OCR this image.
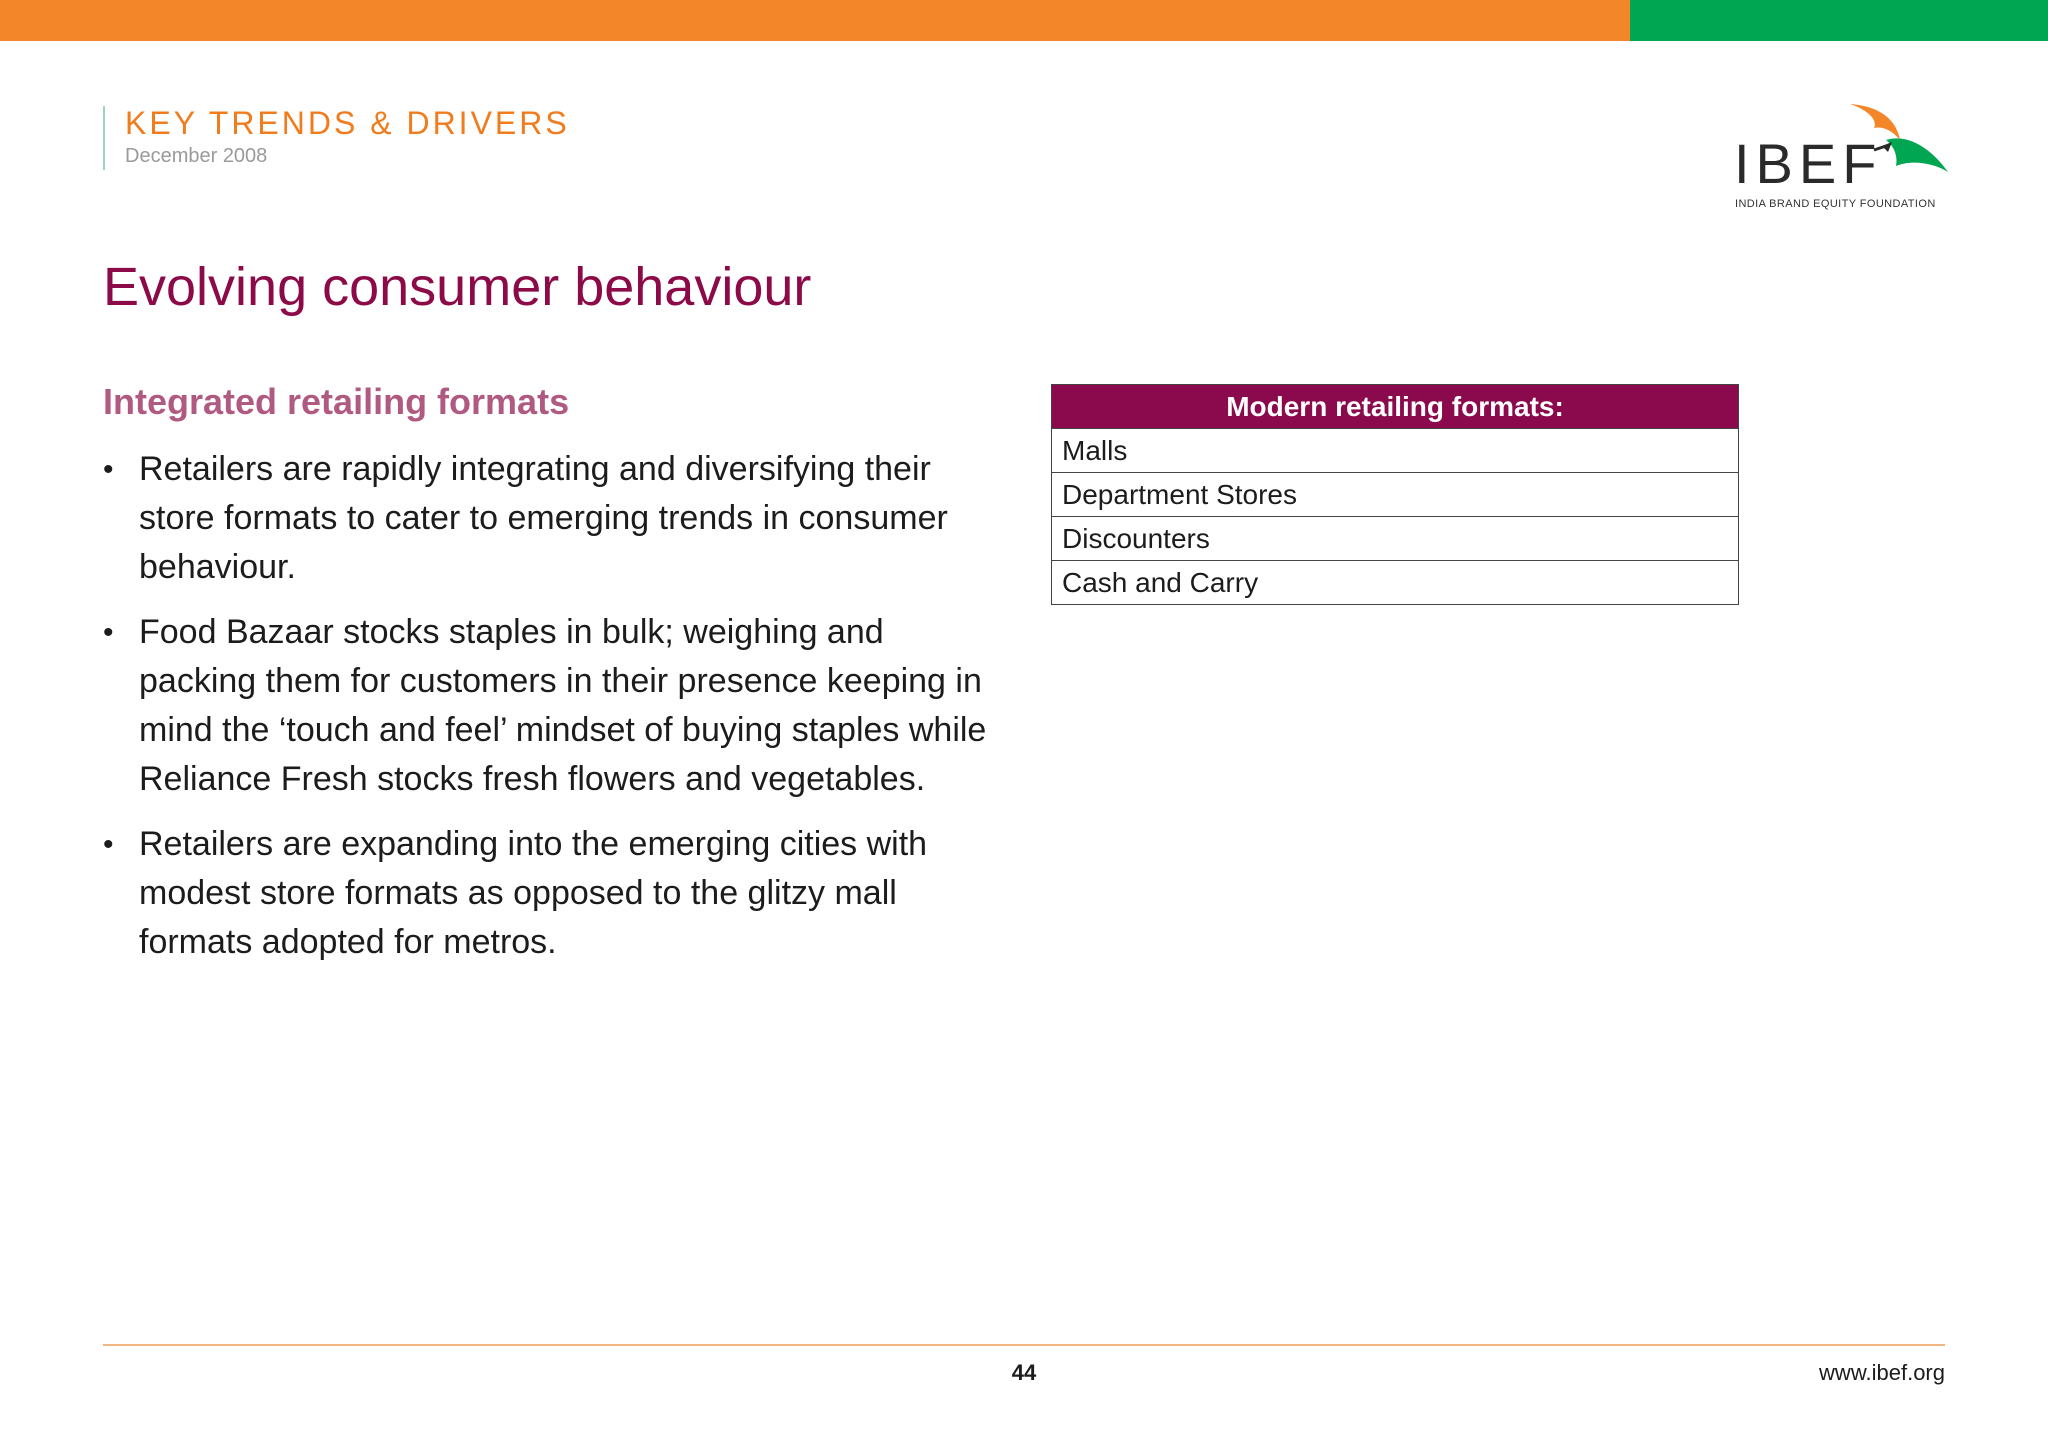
KEY TRENDS & DRIVERS
December 2008	IBEF
INDIA BRAND EQUITY FOUNDATION
Evolving consumer behaviour
Integrated retailing formats
• Retailers are rapidly integrating and diversifying their store formats to cater to emerging trends in consumer behaviour.
• Food Bazaar stocks staples in bulk; weighing and packing them for customers in their presence keeping in mind the ‘touch and feel’ mindset of buying staples while Reliance Fresh stocks fresh flowers and vegetables.
• Retailers are expanding into the emerging cities with modest store formats as opposed to the glitzy mall formats adopted for metros.
Modern retailing formats:
Malls
Department Stores
Discounters
Cash and Carry
44	www.ibef.org
